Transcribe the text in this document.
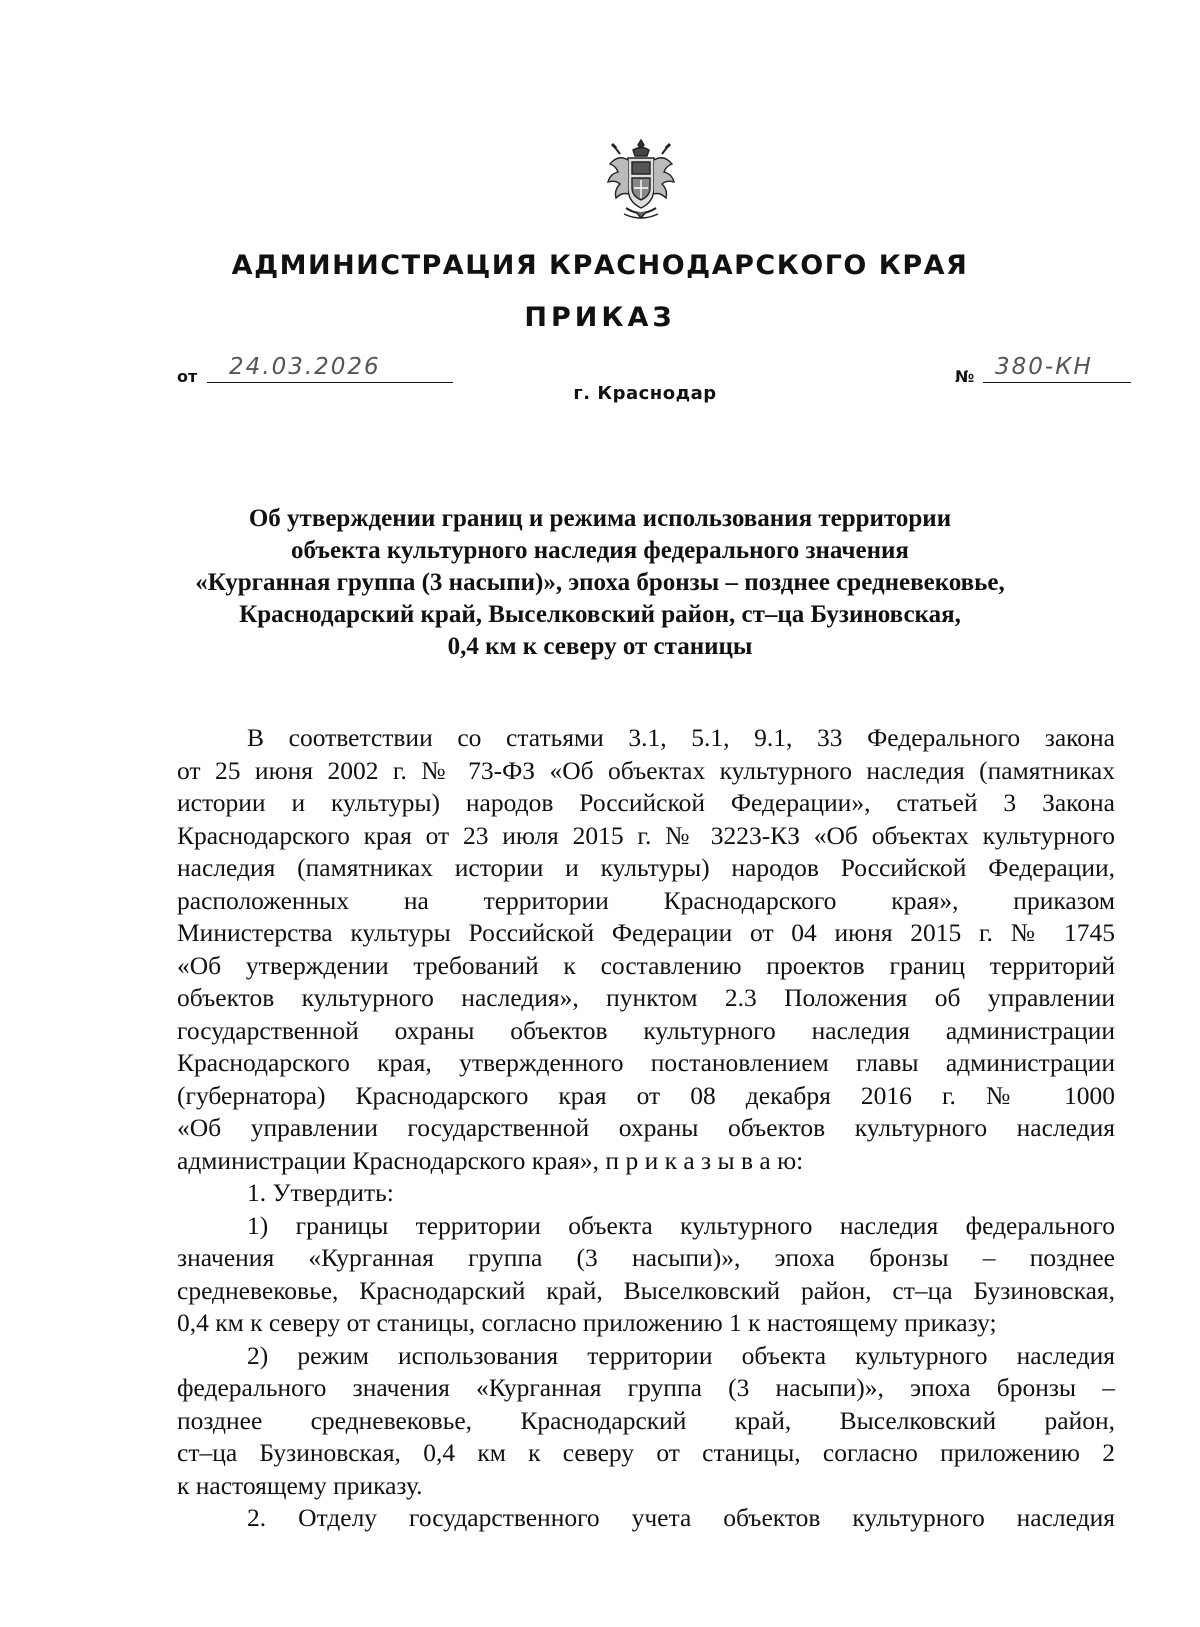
АДМИНИСТРАЦИЯ КРАСНОДАРСКОГО КРАЯ
ПРИКАЗ
от 24.03.2026	№ 380-КН
г. Краснодар
Об утверждении границ и режима использования территории
объекта культурного наследия федерального значения
«Курганная группа (3 насыпи)», эпоха бронзы – позднее средневековье,
Краснодарский край, Выселковский район, ст–ца Бузиновская,
0,4 км к северу от станицы
В соответствии со статьями 3.1, 5.1, 9.1, 33 Федерального закона
от 25 июня 2002 г. № 73-ФЗ «Об объектах культурного наследия (памятниках
истории и культуры) народов Российской Федерации», статьей 3 Закона
Краснодарского края от 23 июля 2015 г. № 3223-КЗ «Об объектах культурного
наследия (памятниках истории и культуры) народов Российской Федерации,
расположенных на территории Краснодарского края», приказом
Министерства культуры Российской Федерации от 04 июня 2015 г. № 1745
«Об утверждении требований к составлению проектов границ территорий
объектов культурного наследия», пунктом 2.3 Положения об управлении
государственной охраны объектов культурного наследия администрации
Краснодарского края, утвержденного постановлением главы администрации
(губернатора) Краснодарского края от 08 декабря 2016 г. № 1000
«Об управлении государственной охраны объектов культурного наследия
администрации Краснодарского края», п р и к а з ы в а ю:
1. Утвердить:
1) границы территории объекта культурного наследия федерального
значения «Курганная группа (3 насыпи)», эпоха бронзы – позднее
средневековье, Краснодарский край, Выселковский район, ст–ца Бузиновская,
0,4 км к северу от станицы, согласно приложению 1 к настоящему приказу;
2) режим использования территории объекта культурного наследия
федерального значения «Курганная группа (3 насыпи)», эпоха бронзы –
позднее средневековье, Краснодарский край, Выселковский район,
ст–ца Бузиновская, 0,4 км к северу от станицы, согласно приложению 2
к настоящему приказу.
2. Отделу государственного учета объектов культурного наследия
